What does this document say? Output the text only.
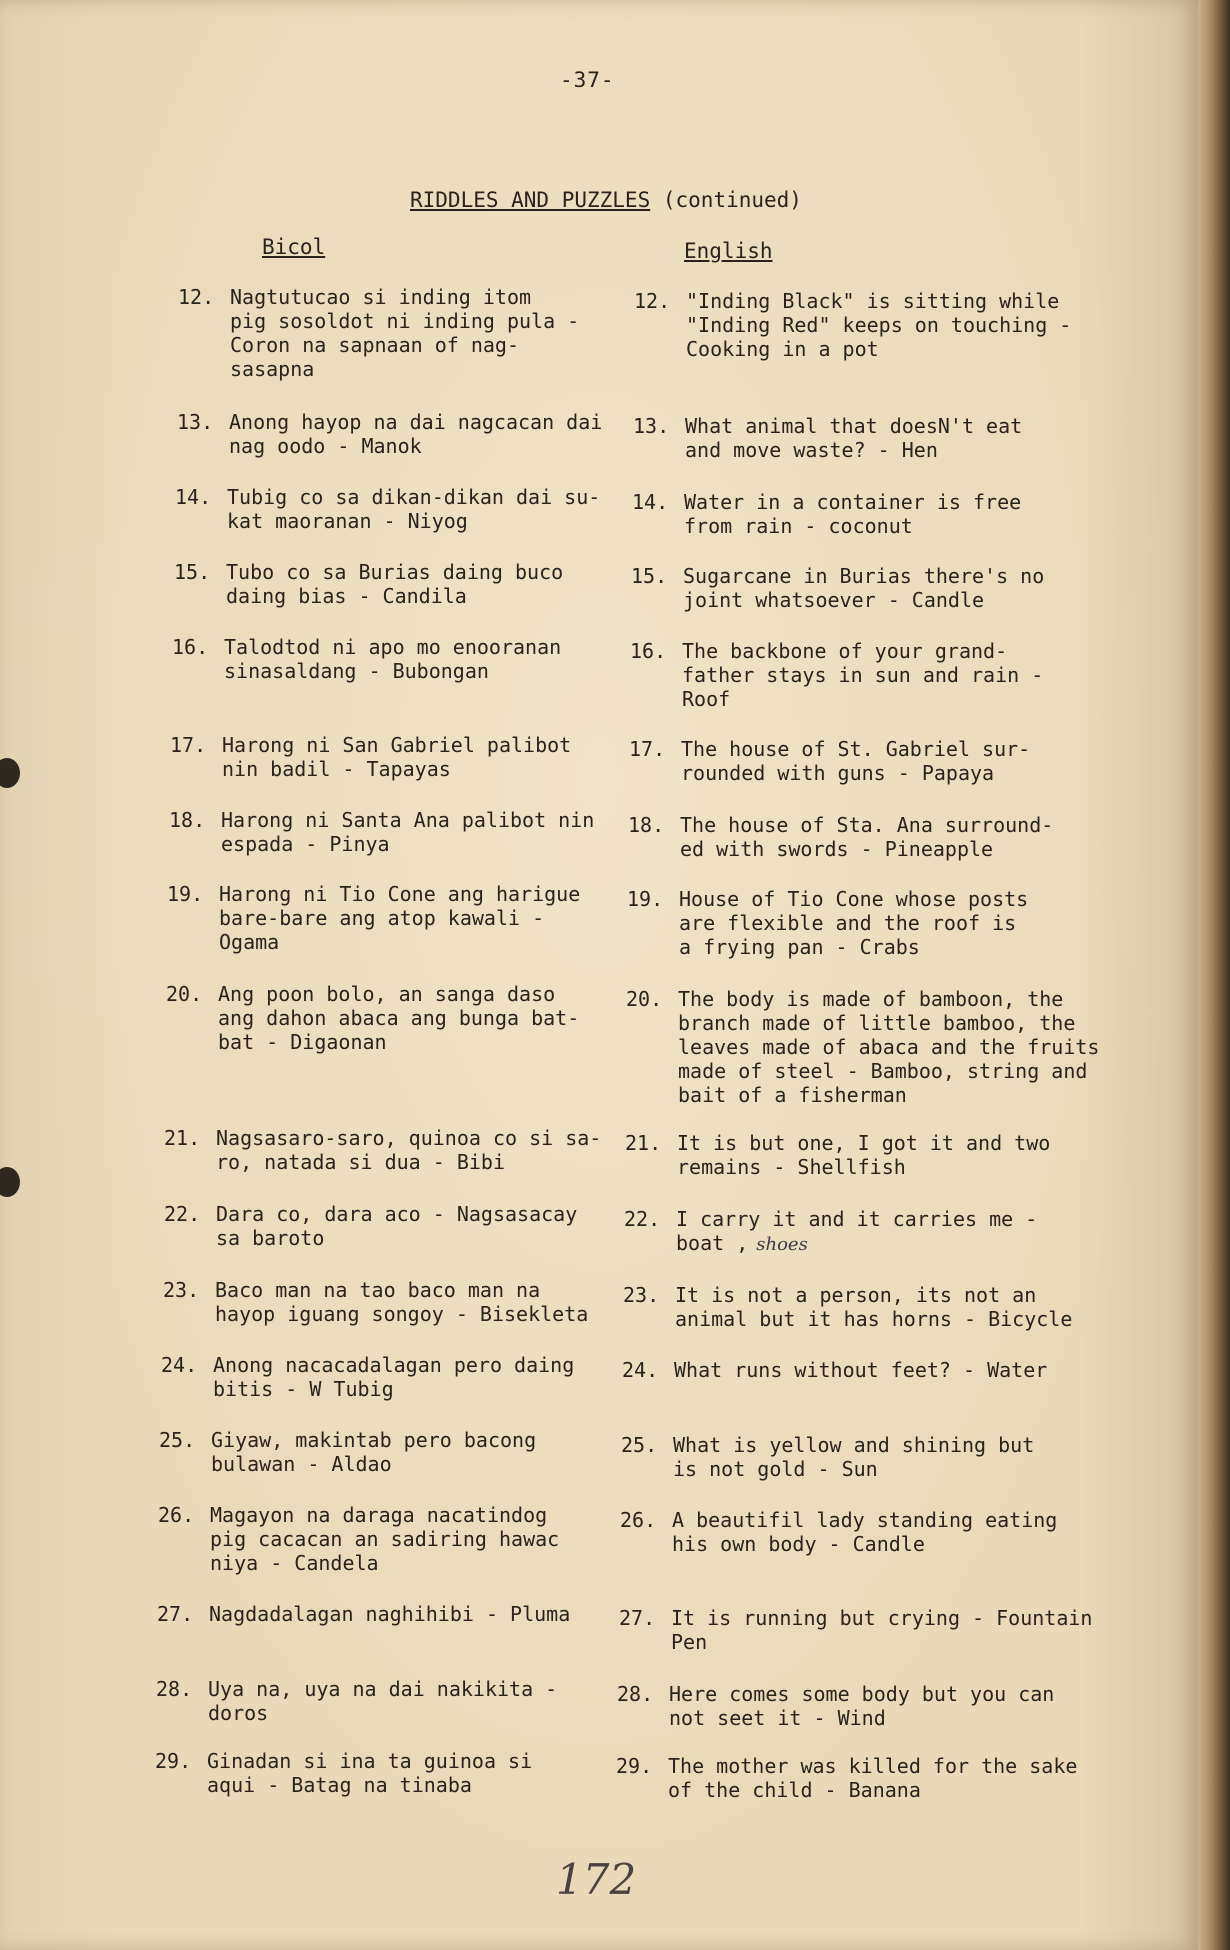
-37-
RIDDLES AND PUZZLES (continued)
Bicol	English
12. Nagtutucao si inding itom
pig sosoldot ni inding pula -
Coron na sapnaan of nag-
sasapna
12. "Inding Black" is sitting while
"Inding Red" keeps on touching -
Cooking in a pot
13. Anong hayop na dai nagcacan dai
nag oodo - Manok
13. What animal that doesN't eat
and move waste? - Hen
14. Tubig co sa dikan-dikan dai su-
kat maoranan - Niyog
14. Water in a container is free
from rain - coconut
15. Tubo co sa Burias daing buco
daing bias - Candila
15. Sugarcane in Burias there's no
joint whatsoever - Candle
16. Talodtod ni apo mo enooranan
sinasaldang - Bubongan
16. The backbone of your grand-
father stays in sun and rain -
Roof
17. Harong ni San Gabriel palibot
nin badil - Tapayas
17. The house of St. Gabriel sur-
rounded with guns - Papaya
18. Harong ni Santa Ana palibot nin
espada - Pinya
18. The house of Sta. Ana surround-
ed with swords - Pineapple
19. Harong ni Tio Cone ang harigue
bare-bare ang atop kawali -
Ogama
19. House of Tio Cone whose posts
are flexible and the roof is
a frying pan - Crabs
20. Ang poon bolo, an sanga daso
ang dahon abaca ang bunga bat-
bat - Digaonan
20. The body is made of bamboon, the
branch made of little bamboo, the
leaves made of abaca and the fruits
made of steel - Bamboo, string and
bait of a fisherman
21. Nagsasaro-saro, quinoa co si sa-
ro, natada si dua - Bibi
21. It is but one, I got it and two
remains - Shellfish
22. Dara co, dara aco - Nagsasacay
sa baroto
22. I carry it and it carries me -
boat , shoes
23. Baco man na tao baco man na
hayop iguang songoy - Bisekleta
23. It is not a person, its not an
animal but it has horns - Bicycle
24. Anong nacacadalagan pero daing
bitis - W Tubig
24. What runs without feet? - Water
25. Giyaw, makintab pero bacong
bulawan - Aldao
25. What is yellow and shining but
is not gold - Sun
26. Magayon na daraga nacatindog
pig cacacan an sadiring hawac
niya - Candela
26. A beautifil lady standing eating
his own body - Candle
27. Nagdadalagan naghihibi - Pluma 27. It is running but crying - Fountain
Pen
28. Uya na, uya na dai nakikita -
doros
28. Here comes some body but you can
not seet it - Wind
29. Ginadan si ina ta guinoa si
aqui - Batag na tinaba
29. The mother was killed for the sake
of the child - Banana
172
